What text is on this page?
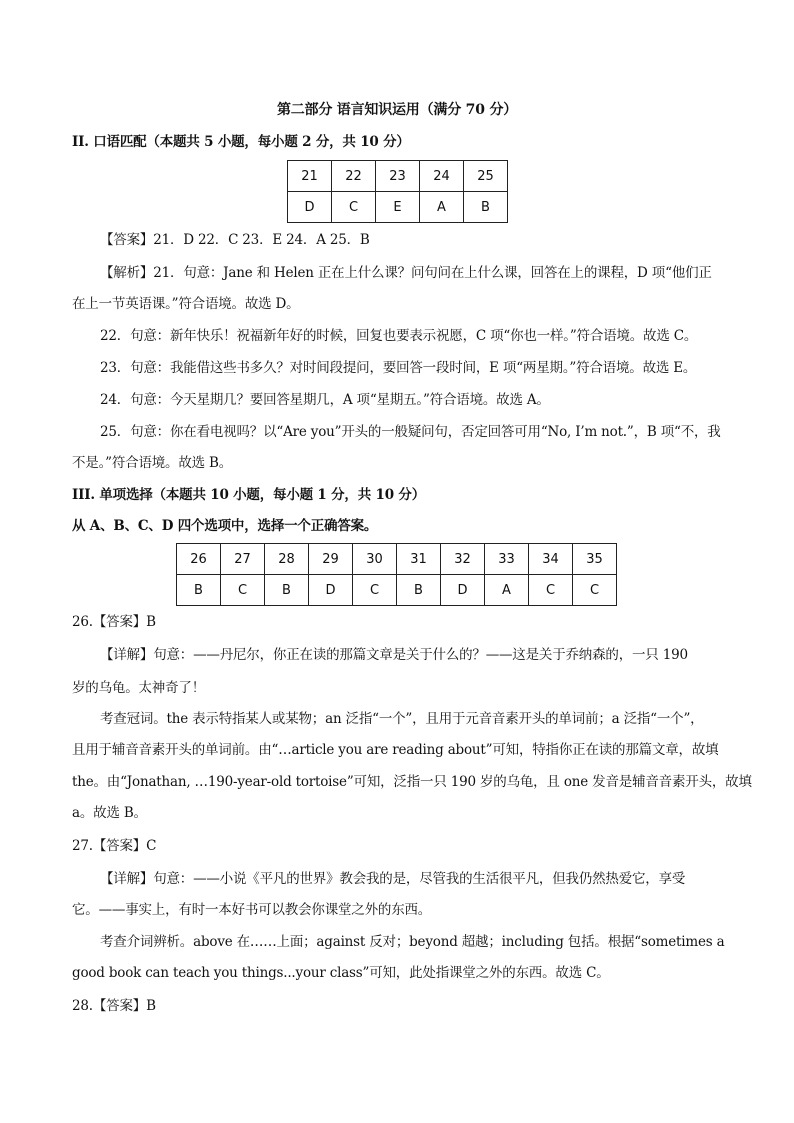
第二部分 语言知识运用（满分 70 分）
II. 口语匹配（本题共 5 小题，每小题 2 分，共 10 分）
21	22	23	24	25
D	C	E	A	B
【答案】21．D 22．C 23．E 24．A 25．B
【解析】21．句意：Jane 和 Helen 正在上什么课？问句问在上什么课，回答在上的课程，D 项“他们正
在上一节英语课。”符合语境。故选 D。
22．句意：新年快乐！祝福新年好的时候，回复也要表示祝愿，C 项“你也一样。”符合语境。故选 C。
23．句意：我能借这些书多久？对时间段提问，要回答一段时间，E 项“两星期。”符合语境。故选 E。
24．句意：今天星期几？要回答星期几，A 项“星期五。”符合语境。故选 A。
25．句意：你在看电视吗？以“Are you”开头的一般疑问句，否定回答可用“No, I’m not.”，B 项“不，我
不是。”符合语境。故选 B。
III. 单项选择（本题共 10 小题，每小题 1 分，共 10 分）
从 A、B、C、D 四个选项中，选择一个正确答案。
26	27	28	29	30	31	32	33	34	35
B	C	B	D	C	B	D	A	C	C
26.【答案】B
【详解】句意：——丹尼尔，你正在读的那篇文章是关于什么的？——这是关于乔纳森的，一只 190
岁的乌龟。太神奇了！
考查冠词。the 表示特指某人或某物；an 泛指“一个”，且用于元音音素开头的单词前；a 泛指“一个”，
且用于辅音音素开头的单词前。由“…article you are reading about”可知，特指你正在读的那篇文章，故填
the。由“Jonathan, …190-year-old tortoise”可知，泛指一只 190 岁的乌龟，且 one 发音是辅音音素开头，故填
a。故选 B。
27.【答案】C
【详解】句意：——小说《平凡的世界》教会我的是，尽管我的生活很平凡，但我仍然热爱它，享受
它。——事实上，有时一本好书可以教会你课堂之外的东西。
考查介词辨析。above 在……上面；against 反对；beyond 超越；including 包括。根据“sometimes a
good book can teach you things...your class”可知，此处指课堂之外的东西。故选 C。
28.【答案】B
